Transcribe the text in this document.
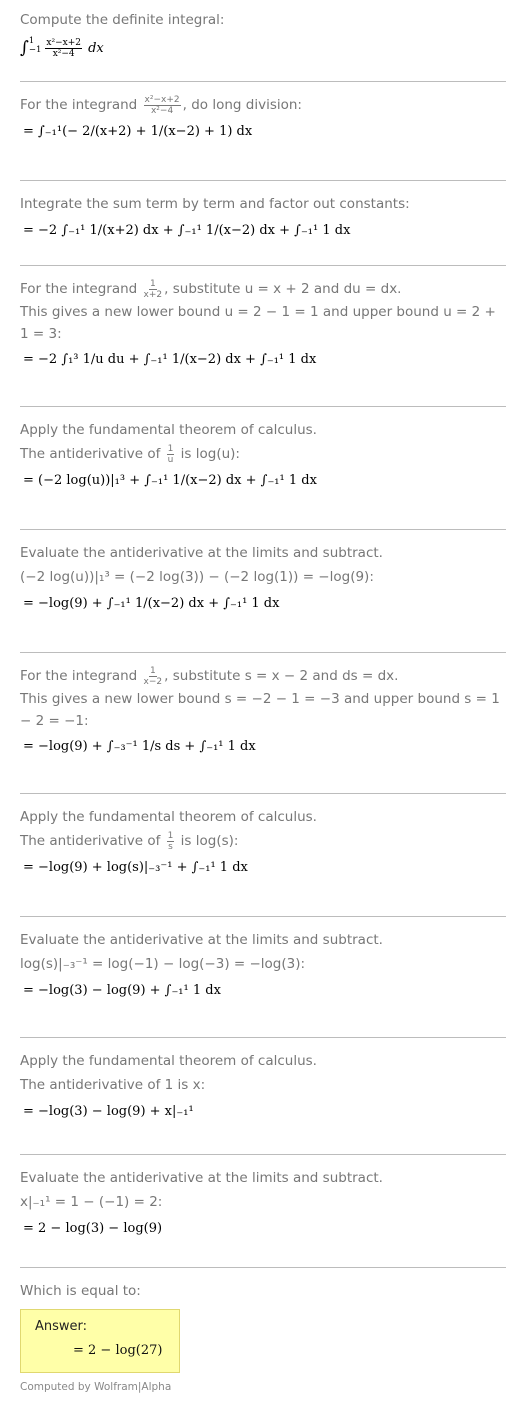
Compute the definite integral:
∫ 1
$-1 \frac{\text{x²−x+2}}{\text{x²−4}}$ dx
For the integrand $\frac{\text{x²−x+2}}{\text{x²−4}}$ , do long division:
= ∫₋₁¹(− 2/(x+2) + 1/(x−2) + 1) dx
Integrate the sum term by term and factor out constants:
= −2 ∫₋₁¹ 1/(x+2) dx + ∫₋₁¹ 1/(x−2) dx + ∫₋₁¹ 1 dx
For the integrand $\frac{1}{x+2}$ , substitute u = x + 2 and du = dx.
This gives a new lower bound u = 2 − 1 = 1 and upper bound u = 2 + 1 = 3:
= −2 ∫₁³ 1/u du + ∫₋₁¹ 1/(x−2) dx + ∫₋₁¹ 1 dx
Apply the fundamental theorem of calculus.
The antiderivative of $\frac{1}{u}$ is log(u):
= (−2 log(u))|₁³ + ∫₋₁¹ 1/(x−2) dx + ∫₋₁¹ 1 dx
Evaluate the antiderivative at the limits and subtract.
(−2 log(u))|₁³ = (−2 log(3)) − (−2 log(1)) = −log(9):
= −log(9) + ∫₋₁¹ 1/(x−2) dx + ∫₋₁¹ 1 dx
For the integrand $\frac{1}{x-2}$ , substitute s = x − 2 and ds = dx.
This gives a new lower bound s = −2 − 1 = −3 and upper bound s = 1 − 2 = −1:
= −log(9) + ∫₋₃⁻¹ 1/s ds + ∫₋₁¹ 1 dx
Apply the fundamental theorem of calculus.
The antiderivative of $\frac{1}{s}$ is log(s):
= −log(9) + log(s)|₋₃⁻¹ + ∫₋₁¹ 1 dx
Evaluate the antiderivative at the limits and subtract.
log(s)|₋₃⁻¹ = log(−1) − log(−3) = −log(3):
= −log(3) − log(9) + ∫₋₁¹ 1 dx
Apply the fundamental theorem of calculus.
The antiderivative of 1 is x:
= −log(3) − log(9) + x|₋₁¹
Evaluate the antiderivative at the limits and subtract.
x|₋₁¹ = 1 − (−1) = 2:
= 2 − log(3) − log(9)
Which is equal to:
Answer:
= 2 − log(27)
Computed by Wolfram|Alpha
